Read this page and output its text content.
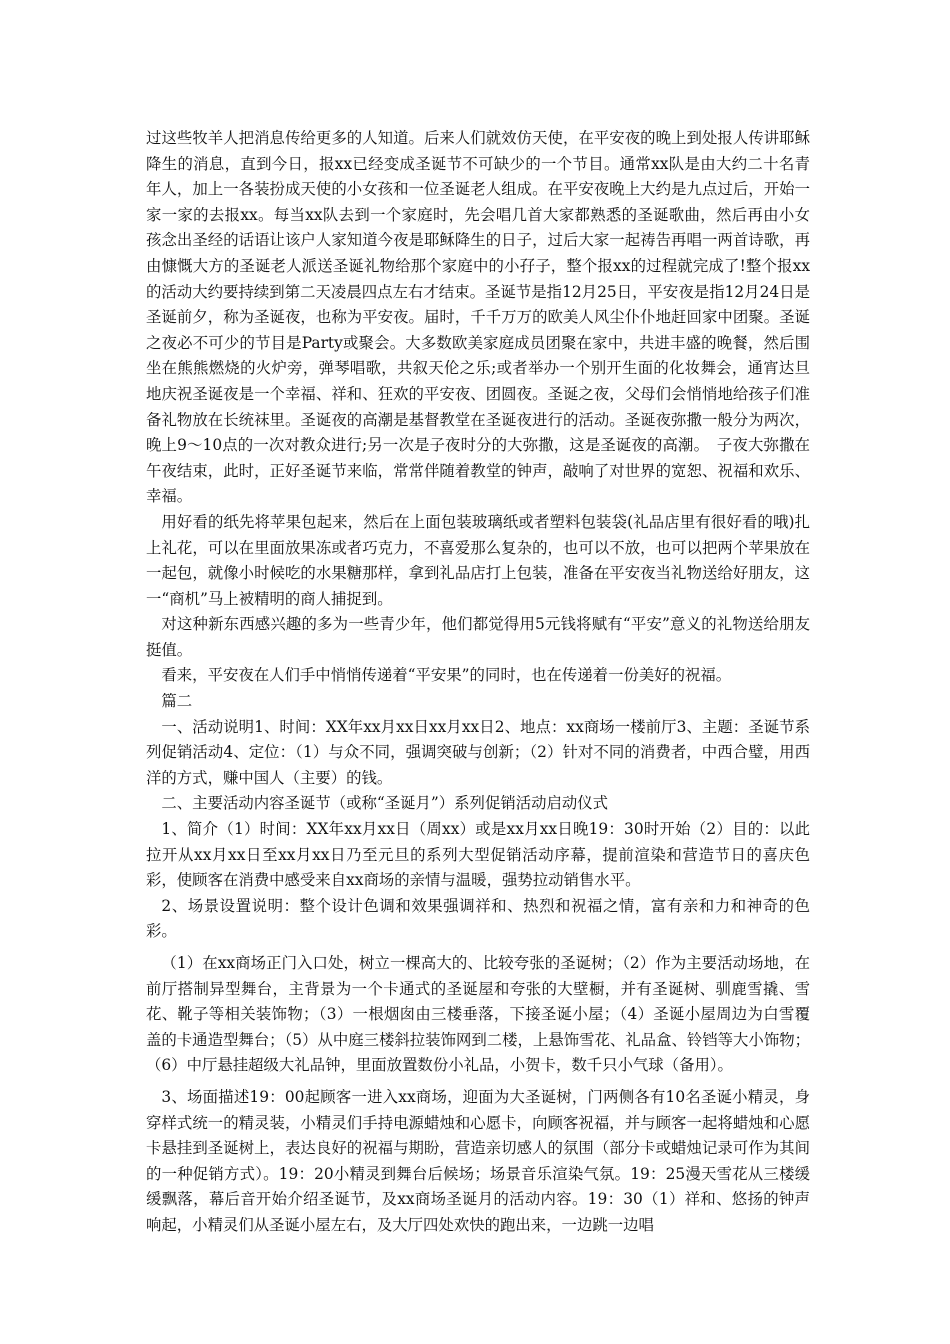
过这些牧羊人把消息传给更多的人知道。后来人们就效仿天使，在平安夜的晚上到处报人传讲耶稣降生的消息，直到今日，报xx已经变成圣诞节不可缺少的一个节目。通常xx队是由大约二十名青年人，加上一各装扮成天使的小女孩和一位圣诞老人组成。在平安夜晚上大约是九点过后，开始一家一家的去报xx。每当xx队去到一个家庭时，先会唱几首大家都熟悉的圣诞歌曲，然后再由小女孩念出圣经的话语让该户人家知道今夜是耶稣降生的日子，过后大家一起祷告再唱一两首诗歌，再由慷慨大方的圣诞老人派送圣诞礼物给那个家庭中的小孖子，整个报xx的过程就完成了!整个报xx的活动大约要持续到第二天凌晨四点左右才结束。圣诞节是指12月25日，平安夜是指12月24日是圣诞前夕，称为圣诞夜，也称为平安夜。届时，千千万万的欧美人风尘仆仆地赶回家中团聚。圣诞之夜必不可少的节目是Party或聚会。大多数欧美家庭成员团聚在家中，共进丰盛的晚餐，然后围坐在熊熊燃烧的火炉旁，弹琴唱歌，共叙天伦之乐;或者举办一个别开生面的化妆舞会，通宵达旦地庆祝圣诞夜是一个幸福、祥和、狂欢的平安夜、团圆夜。圣诞之夜，父母们会悄悄地给孩子们准备礼物放在长统袜里。圣诞夜的高潮是基督教堂在圣诞夜进行的活动。圣诞夜弥撒一般分为两次，晚上9～10点的一次对教众进行;另一次是子夜时分的大弥撒，这是圣诞夜的高潮。　子夜大弥撒在午夜结束，此时，正好圣诞节来临，常常伴随着教堂的钟声，敲响了对世界的宽恕、祝福和欢乐、幸福。

用好看的纸先将苹果包起来，然后在上面包装玻璃纸或者塑料包装袋(礼品店里有很好看的哦)扎上礼花，可以在里面放果冻或者巧克力，不喜爱那么复杂的，也可以不放，也可以把两个苹果放在一起包，就像小时候吃的水果糖那样，拿到礼品店打上包装，准备在平安夜当礼物送给好朋友，这一“商机”马上被精明的商人捕捉到。

对这种新东西感兴趣的多为一些青少年，他们都觉得用5元钱将赋有“平安”意义的礼物送给朋友挺值。

看来，平安夜在人们手中悄悄传递着“平安果”的同时，也在传递着一份美好的祝福。

篇二

一、活动说明1、时间：XX年xx月xx日xx月xx日2、地点：xx商场一楼前厅3、主题：圣诞节系列促销活动4、定位：（1）与众不同，强调突破与创新；（2）针对不同的消费者，中西合璧，用西洋的方式，赚中国人（主要）的钱。

二、主要活动内容圣诞节（或称“圣诞月”）系列促销活动启动仪式

1、简介（1）时间：XX年xx月xx日（周xx）或是xx月xx日晚19：30时开始（2）目的：以此拉开从xx月xx日至xx月xx日乃至元旦的系列大型促销活动序幕，提前渲染和营造节日的喜庆色彩，使顾客在消费中感受来自xx商场的亲情与温暖，强势拉动销售水平。

2、场景设置说明：整个设计色调和效果强调祥和、热烈和祝福之情，富有亲和力和神奇的色彩。

（1）在xx商场正门入口处，树立一棵高大的、比较夸张的圣诞树；（2）作为主要活动场地，在前厅搭制异型舞台，主背景为一个卡通式的圣诞屋和夸张的大壁橱，并有圣诞树、驯鹿雪撬、雪花、靴子等相关装饰物；（3）一根烟囱由三楼垂落，下接圣诞小屋；（4）圣诞小屋周边为白雪覆盖的卡通造型舞台；（5）从中庭三楼斜拉装饰网到二楼，上悬饰雪花、礼品盒、铃铛等大小饰物；（6）中厅悬挂超级大礼品钟，里面放置数份小礼品，小贺卡，数千只小气球（备用）。

3、场面描述19：00起顾客一进入xx商场，迎面为大圣诞树，门两侧各有10名圣诞小精灵，身穿样式统一的精灵装，小精灵们手持电源蜡烛和心愿卡，向顾客祝福，并与顾客一起将蜡烛和心愿卡悬挂到圣诞树上，表达良好的祝福与期盼，营造亲切感人的氛围（部分卡或蜡烛记录可作为其间的一种促销方式）。19：20小精灵到舞台后候场；场景音乐渲染气氛。19：25漫天雪花从三楼缓缓飘落，幕后音开始介绍圣诞节，及xx商场圣诞月的活动内容。19：30（1）祥和、悠扬的钟声响起，小精灵们从圣诞小屋左右，及大厅四处欢快的跑出来，一边跳一边唱
